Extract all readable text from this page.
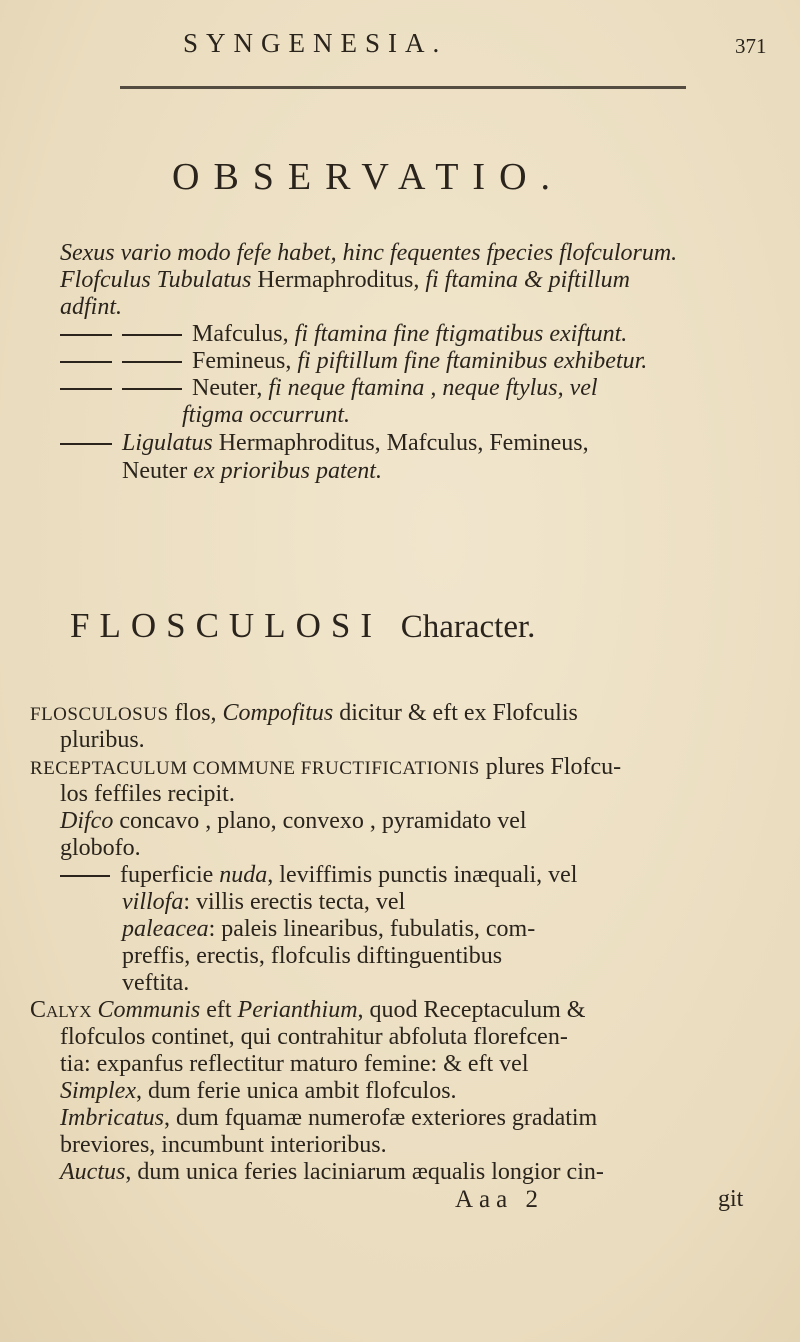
SYNGENESIA.	371
OBSERVATIO.
Sexus vario modo fefe habet, hinc fequentes fpecies flofculorum.
Flofculus Tubulatus Hermaphroditus, fi ftamina & piftillum
adfint.
Mafculus, fi ftamina fine ftigmatibus exiftunt.
Femineus, fi piftillum fine ftaminibus exhibetur.
Neuter, fi neque ftamina , neque ftylus, vel
ftigma occurrunt.
Ligulatus Hermaphroditus, Mafculus, Femineus,
Neuter ex prioribus patent.
FLOSCULOSI Character.
FLOSCULOSUS flos, Compofitus dicitur & eft ex Flofculis
pluribus.
RECEPTACULUM COMMUNE FRUCTIFICATIONIS plures Flofcu-
los feffiles recipit.
Difco concavo , plano, convexo , pyramidato vel
globofo.
fuperficie nuda, leviffimis punctis inæquali, vel
villofa: villis erectis tecta, vel
paleacea: paleis linearibus, fubulatis, com-
preffis, erectis, flofculis diftinguentibus
veftita.
Calyx Communis eft Perianthium, quod Receptaculum &
flofculos continet, qui contrahitur abfoluta florefcen-
tia: expanfus reflectitur maturo femine: & eft vel
Simplex, dum ferie unica ambit flofculos.
Imbricatus, dum fquamæ numerofæ exteriores gradatim
breviores, incumbunt interioribus.
Auctus, dum unica feries laciniarum æqualis longior cin-
Aaa 2	git
